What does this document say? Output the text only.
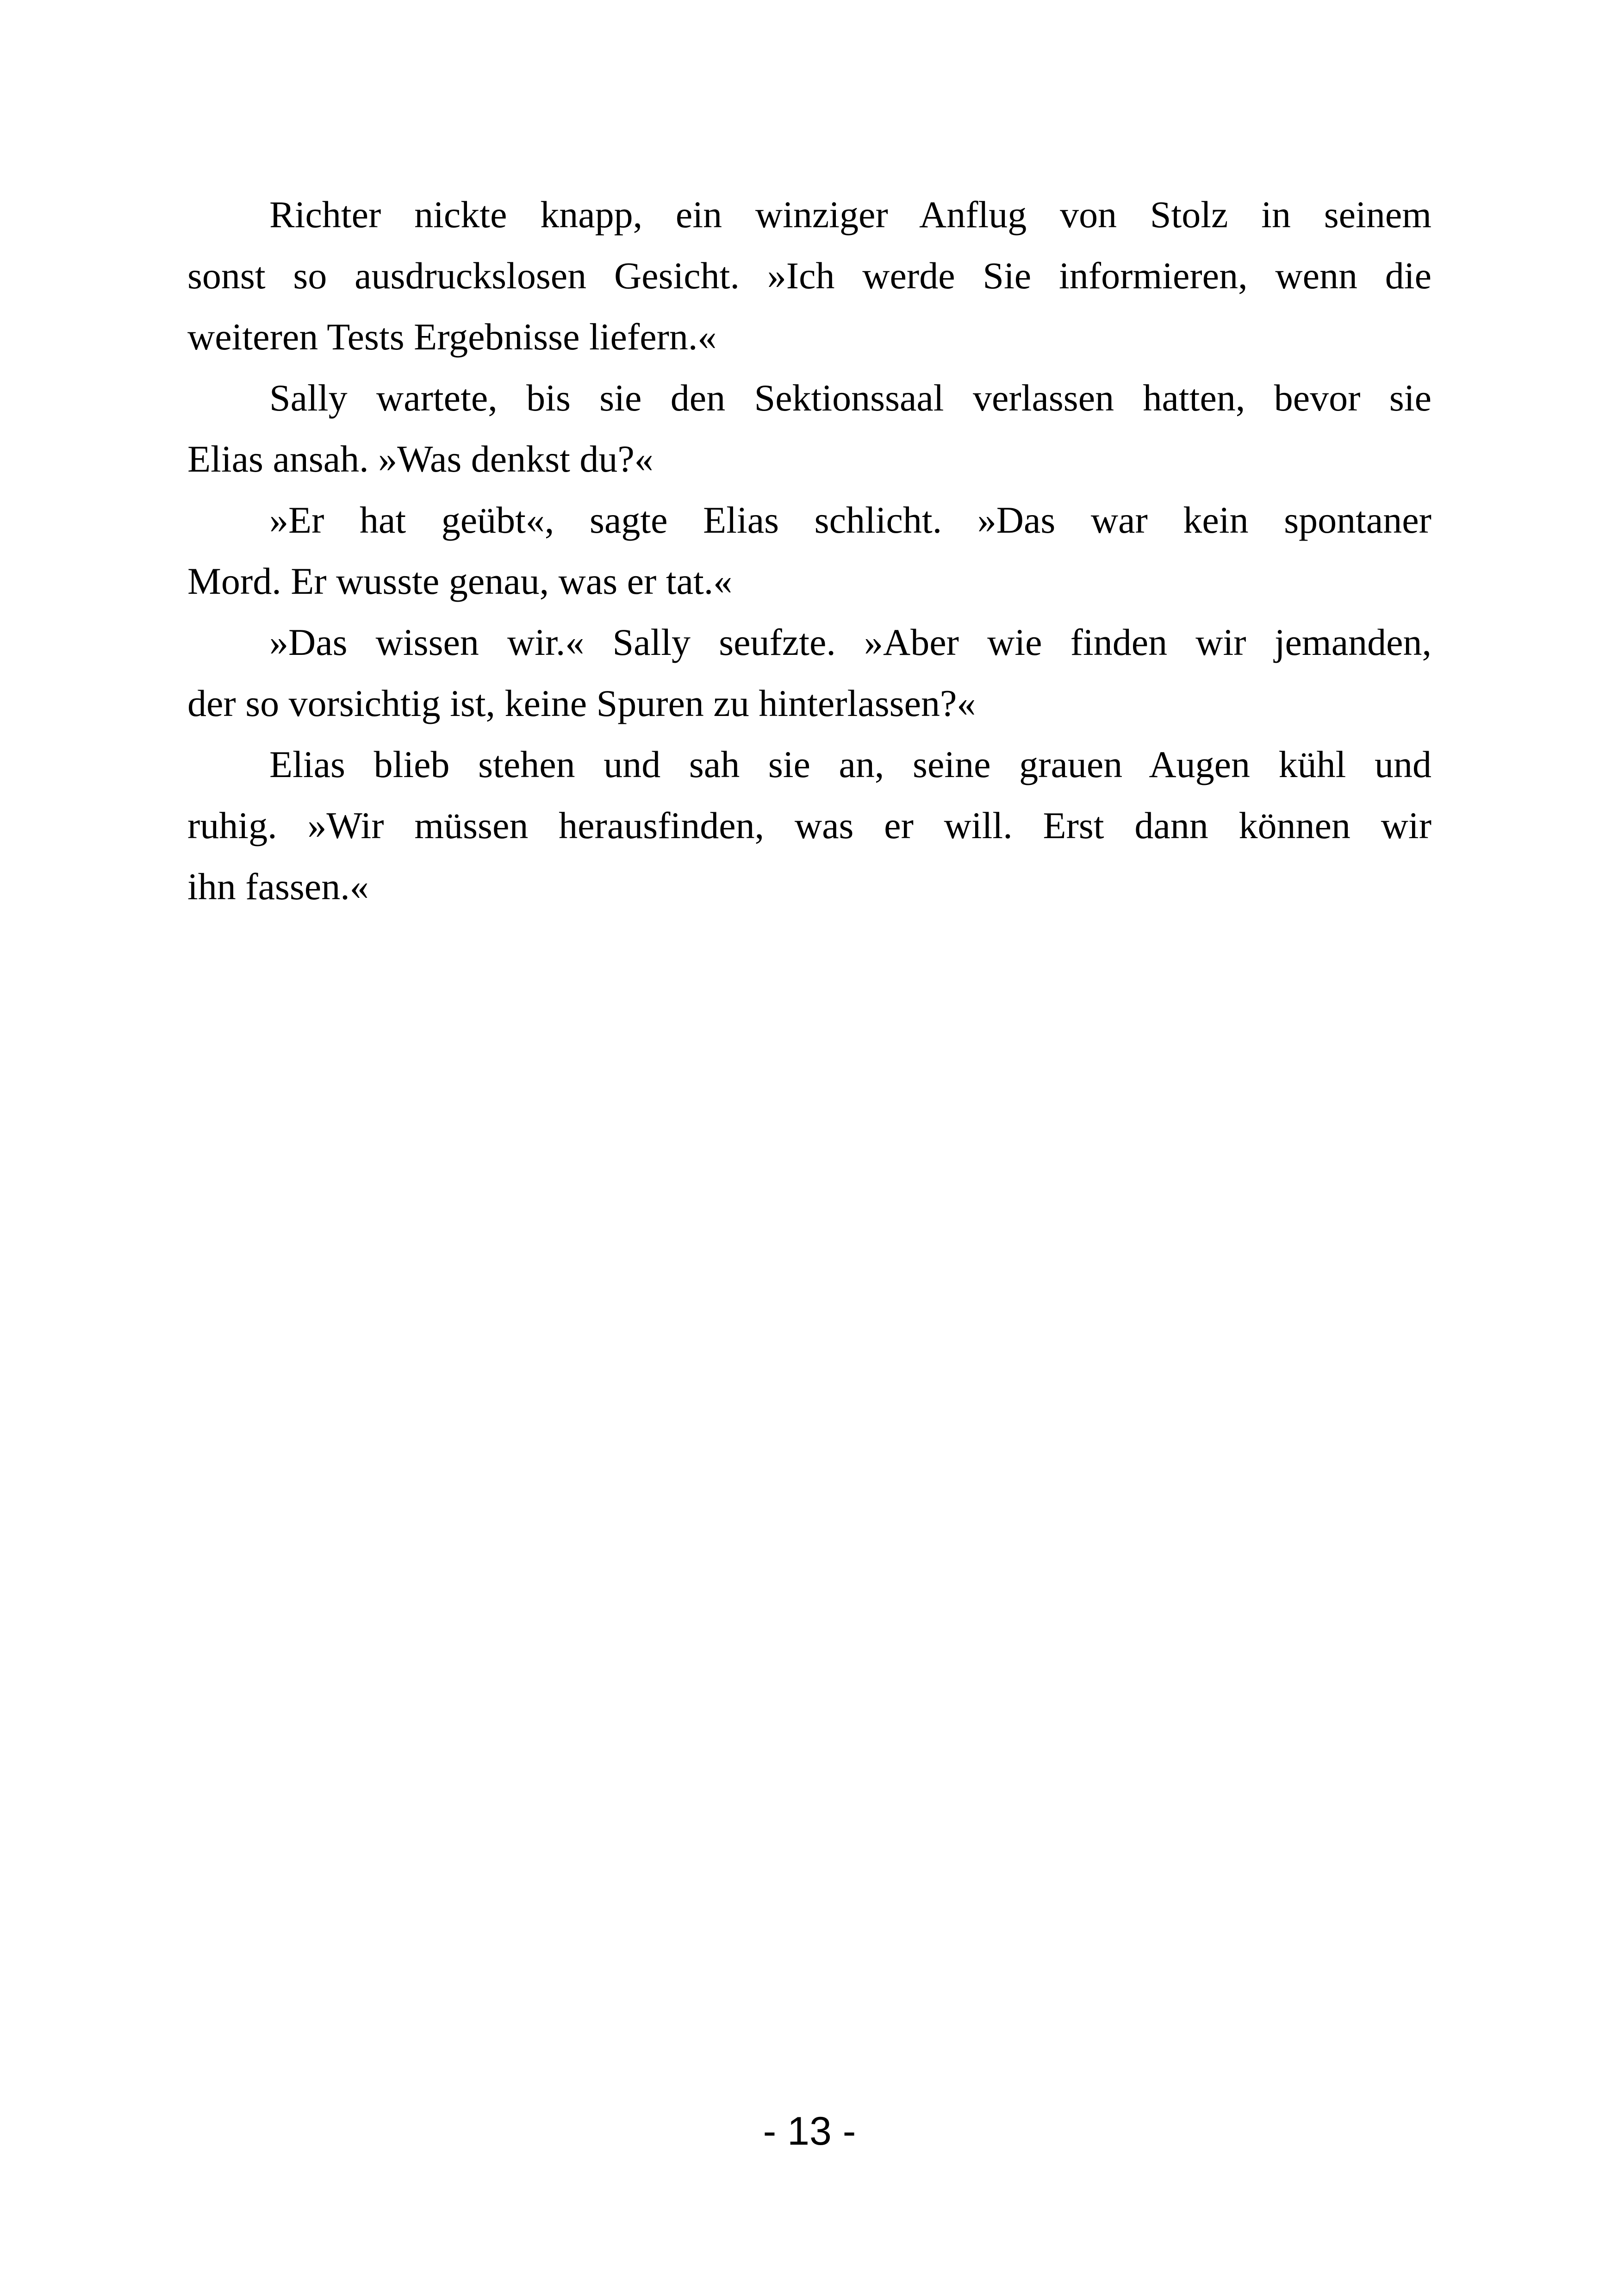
Richter nickte knapp, ein winziger Anflug von Stolz in seinem
sonst so ausdruckslosen Gesicht. »Ich werde Sie informieren, wenn die
weiteren Tests Ergebnisse liefern.«
Sally wartete, bis sie den Sektionssaal verlassen hatten, bevor sie
Elias ansah. »Was denkst du?«
»Er hat geübt«, sagte Elias schlicht. »Das war kein spontaner
Mord. Er wusste genau, was er tat.«
»Das wissen wir.« Sally seufzte. »Aber wie finden wir jemanden,
der so vorsichtig ist, keine Spuren zu hinterlassen?«
Elias blieb stehen und sah sie an, seine grauen Augen kühl und
ruhig. »Wir müssen herausfinden, was er will. Erst dann können wir
ihn fassen.«
- 13 -
